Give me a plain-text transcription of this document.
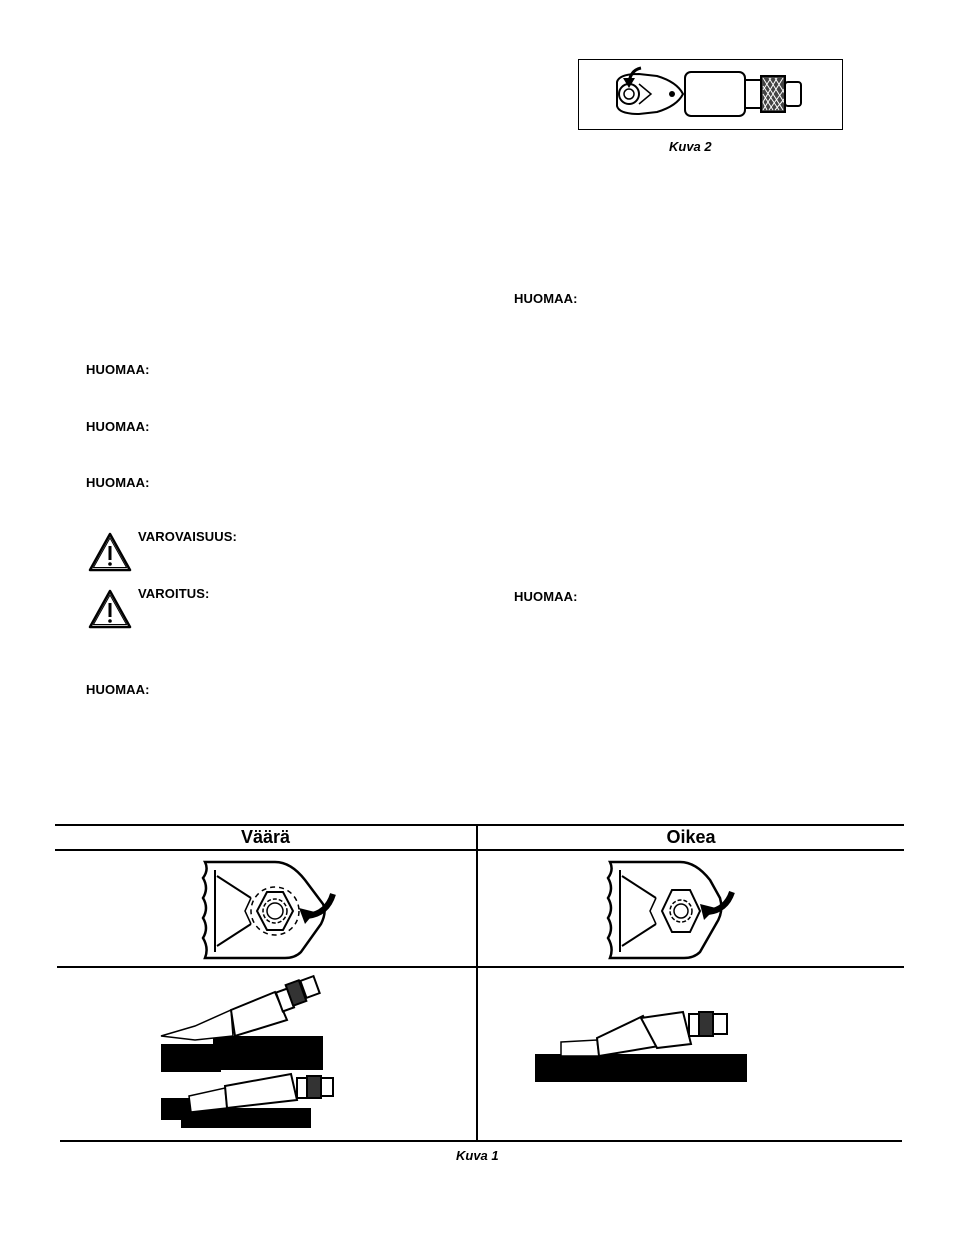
Kuva 2
HUOMAA:
HUOMAA:
HUOMAA:
VAROVAISUUS:
VAROITUS:
HUOMAA:
HUOMAA:
HUOMAA:
Väärä	Oikea
Kuva 1
